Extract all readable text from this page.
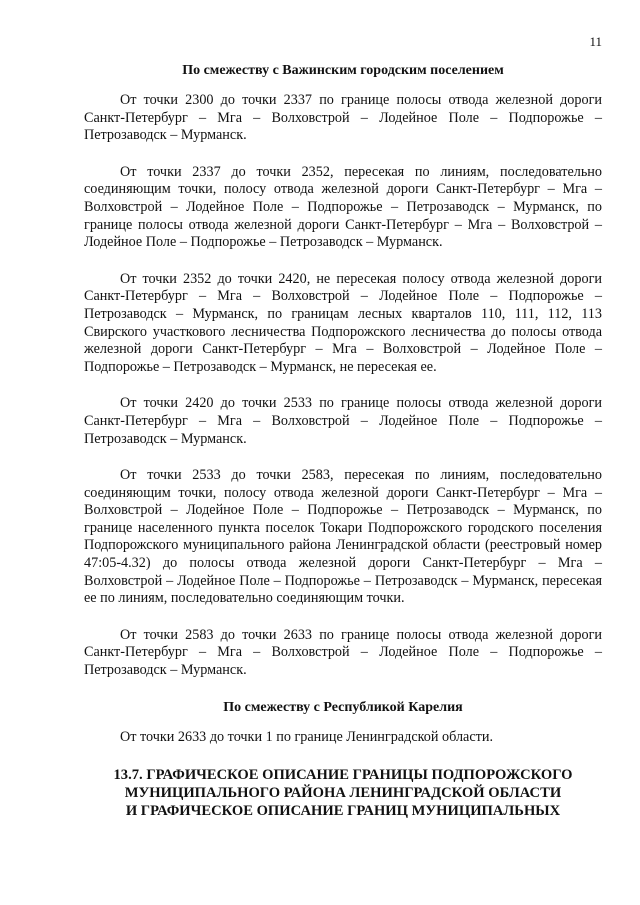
11
По смежеству с Важинским городским поселением

От точки 2300 до точки 2337 по границе полосы отвода железной дороги Санкт-Петербург – Мга – Волховстрой – Лодейное Поле – Подпорожье – Петрозаводск – Мурманск.

От точки 2337 до точки 2352, пересекая по линиям, последовательно соединяющим точки, полосу отвода железной дороги Санкт-Петербург – Мга – Волховстрой – Лодейное Поле – Подпорожье – Петрозаводск – Мурманск, по границе полосы отвода железной дороги Санкт-Петербург – Мга – Волховстрой – Лодейное Поле – Подпорожье – Петрозаводск – Мурманск.

От точки 2352 до точки 2420, не пересекая полосу отвода железной дороги Санкт-Петербург – Мга – Волховстрой – Лодейное Поле – Подпорожье – Петрозаводск – Мурманск, по границам лесных кварталов 110, 111, 112, 113 Свирского участкового лесничества Подпорожского лесничества до полосы отвода железной дороги Санкт-Петербург – Мга – Волховстрой – Лодейное Поле – Подпорожье – Петрозаводск – Мурманск, не пересекая ее.

От точки 2420 до точки 2533 по границе полосы отвода железной дороги Санкт-Петербург – Мга – Волховстрой – Лодейное Поле – Подпорожье – Петрозаводск – Мурманск.

От точки 2533 до точки 2583, пересекая по линиям, последовательно соединяющим точки, полосу отвода железной дороги Санкт-Петербург – Мга – Волховстрой – Лодейное Поле – Подпорожье – Петрозаводск – Мурманск, по границе населенного пункта поселок Токари Подпорожского городского поселения Подпорожского муниципального района Ленинградской области (реестровый номер 47:05-4.32) до полосы отвода железной дороги Санкт-Петербург – Мга – Волховстрой – Лодейное Поле – Подпорожье – Петрозаводск – Мурманск, пересекая ее по линиям, последовательно соединяющим точки.

От точки 2583 до точки 2633 по границе полосы отвода железной дороги Санкт-Петербург – Мга – Волховстрой – Лодейное Поле – Подпорожье – Петрозаводск – Мурманск.

По смежеству с Республикой Карелия

От точки 2633 до точки 1 по границе Ленинградской области.

13.7. ГРАФИЧЕСКОЕ ОПИСАНИЕ ГРАНИЦЫ ПОДПОРОЖСКОГО
МУНИЦИПАЛЬНОГО РАЙОНА ЛЕНИНГРАДСКОЙ ОБЛАСТИ
И ГРАФИЧЕСКОЕ ОПИСАНИЕ ГРАНИЦ МУНИЦИПАЛЬНЫХ
